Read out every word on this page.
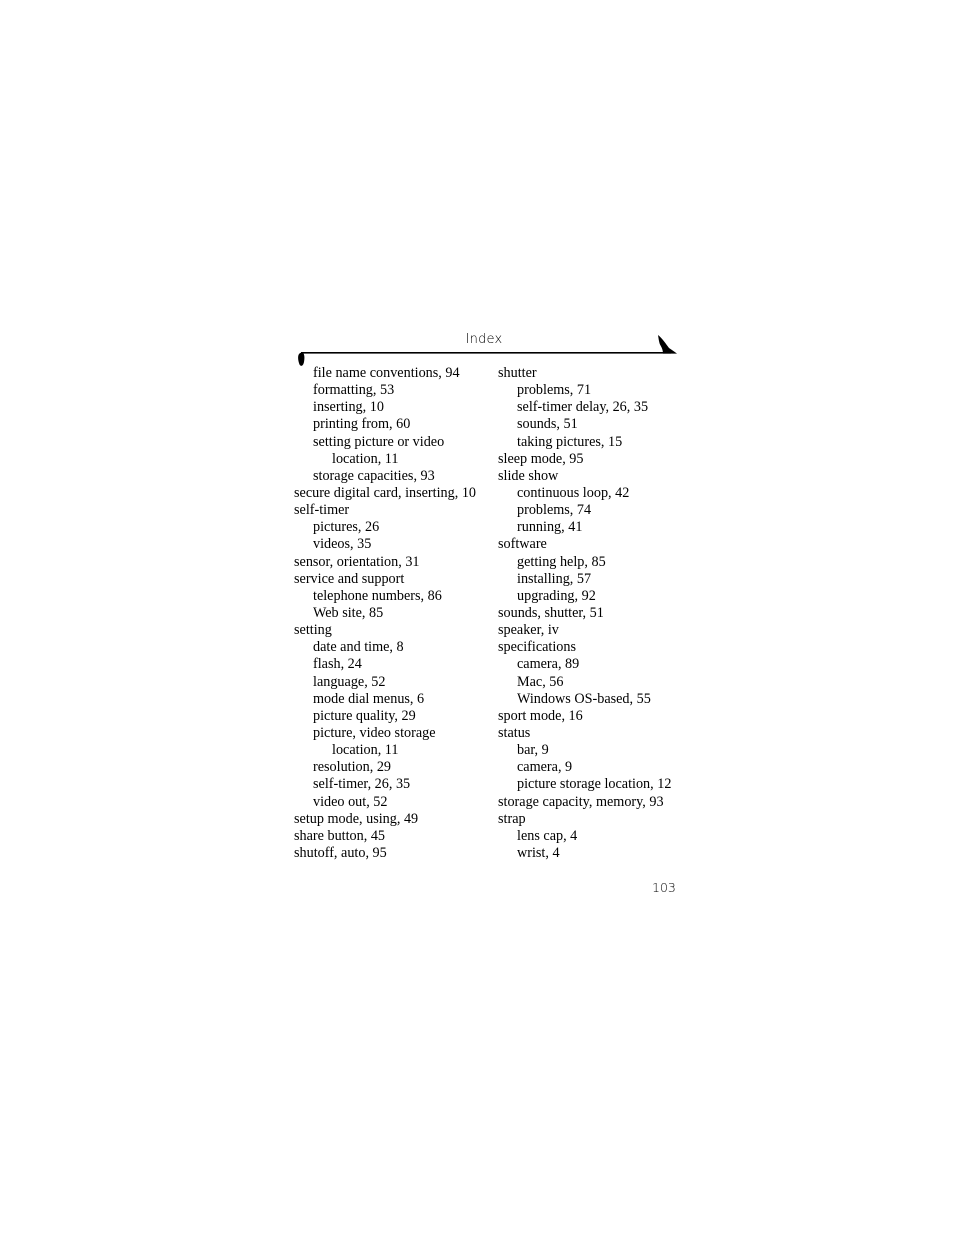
Index
file name conventions, 94
formatting, 53
inserting, 10
printing from, 60
setting picture or video
location, 11
storage capacities, 93
secure digital card, inserting, 10
self-timer
pictures, 26
videos, 35
sensor, orientation, 31
service and support
telephone numbers, 86
Web site, 85
setting
date and time, 8
flash, 24
language, 52
mode dial menus, 6
picture quality, 29
picture, video storage
location, 11
resolution, 29
self-timer, 26, 35
video out, 52
setup mode, using, 49
share button, 45
shutoff, auto, 95
shutter
problems, 71
self-timer delay, 26, 35
sounds, 51
taking pictures, 15
sleep mode, 95
slide show
continuous loop, 42
problems, 74
running, 41
software
getting help, 85
installing, 57
upgrading, 92
sounds, shutter, 51
speaker, iv
specifications
camera, 89
Mac, 56
Windows OS-based, 55
sport mode, 16
status
bar, 9
camera, 9
picture storage location, 12
storage capacity, memory, 93
strap
lens cap, 4
wrist, 4
103
